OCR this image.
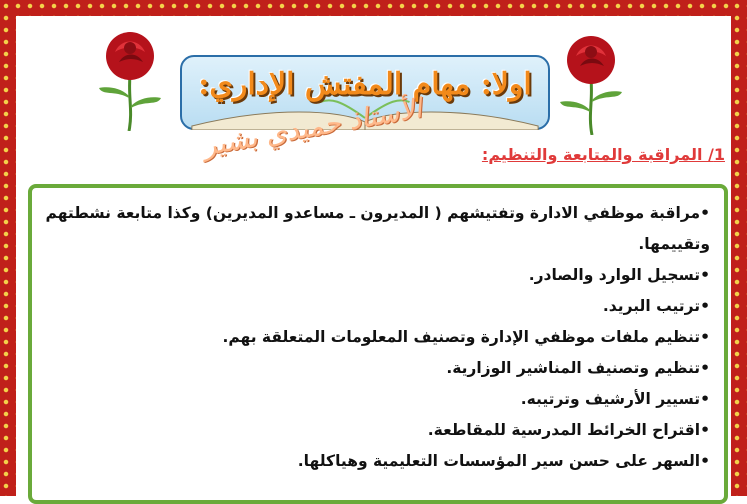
اولا: مهام المفتش الإداري:
الأستاذ حميدي بشير	1/ المراقبة والمتابعة والتنظيم:
•مراقبة موظفي الادارة وتفتيشهم ( المديرون ـ مساعدو المديرين) وكذا متابعة نشطتهم وتقييمها.
•تسجيل الوارد والصادر.
•ترتيب البريد.
•تنظيم ملفات موظفي الإدارة وتصنيف المعلومات المتعلقة بهم.
•تنظيم وتصنيف المناشير الوزارية.
•تسيير الأرشيف وترتيبه.
•اقتراح الخرائط المدرسية للمقاطعة.
•السهر على حسن سير المؤسسات التعليمية وهياكلها.
